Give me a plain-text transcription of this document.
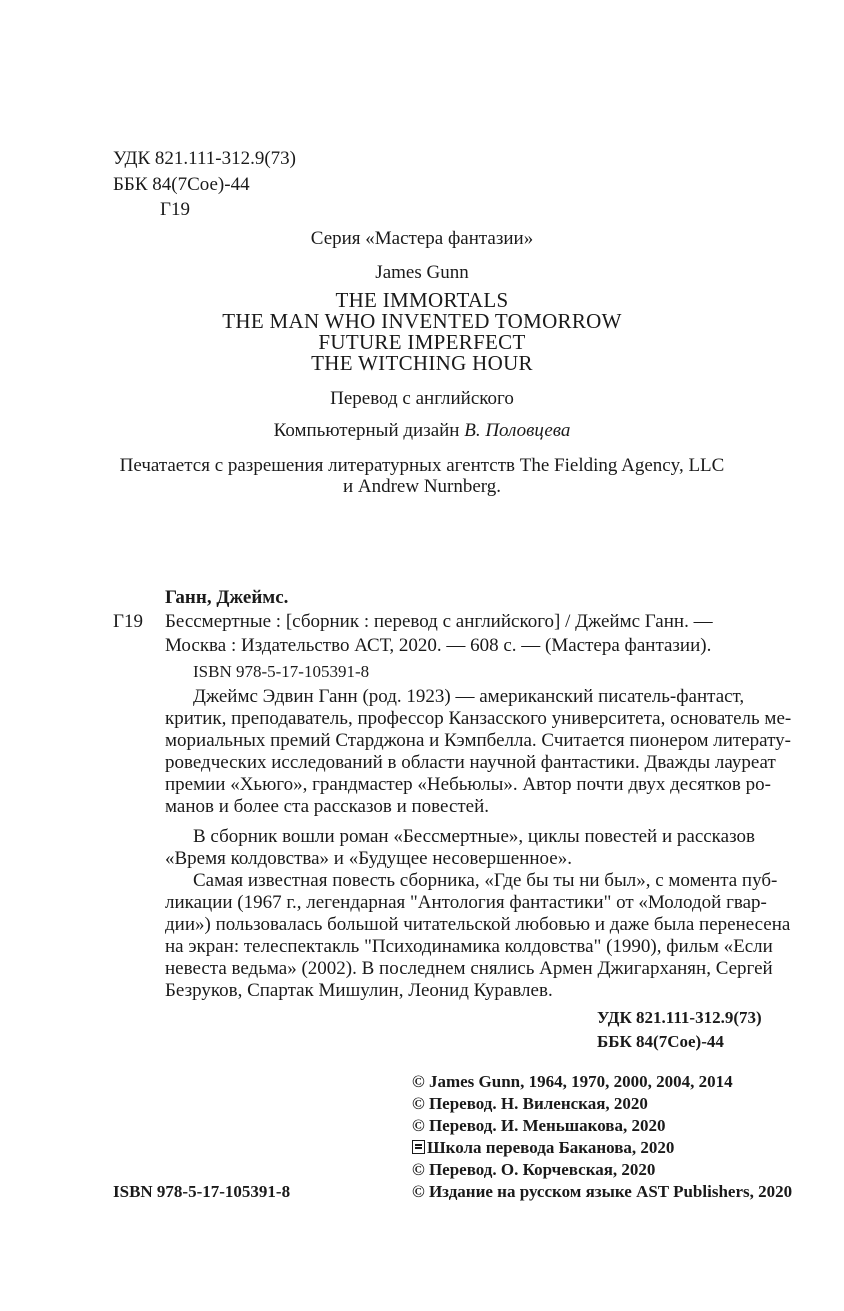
УДК 821.111-312.9(73)
ББК 84(7Сое)-44
Г19
Серия «Мастера фантазии»
James Gunn
THE IMMORTALS
THE MAN WHO INVENTED TOMORROW
FUTURE IMPERFECT
THE WITCHING HOUR
Перевод с английского
Компьютерный дизайн В. Половцева
Печатается с разрешения литературных агентств The Fielding Agency, LLC
и Andrew Nurnberg.
Ганн, Джеймс.
Г19 Бессмертные : [сборник : перевод с английского] / Джеймс Ганн. —
Москва : Издательство АСТ, 2020. — 608 с. — (Мастера фантазии).
ISBN 978-5-17-105391-8
Джеймс Эдвин Ганн (род. 1923) — американский писатель-фантаст,
критик, преподаватель, профессор Канзасского университета, основатель ме-
мориальных премий Старджона и Кэмпбелла. Считается пионером литерату-
роведческих исследований в области научной фантастики. Дважды лауреат
премии «Хьюго», грандмастер «Небьюлы». Автор почти двух десятков ро-
манов и более ста рассказов и повестей.
В сборник вошли роман «Бессмертные», циклы повестей и рассказов
«Время колдовства» и «Будущее несовершенное».
Самая известная повесть сборника, «Где бы ты ни был», с момента пуб-
ликации (1967 г., легендарная "Антология фантастики" от «Молодой гвар-
дии») пользовалась большой читательской любовью и даже была перенесена
на экран: телеспектакль "Психодинамика колдовства" (1990), фильм «Если
невеста ведьма» (2002). В последнем снялись Армен Джигарханян, Сергей
Безруков, Спартак Мишулин, Леонид Куравлев.
УДК 821.111-312.9(73)
ББК 84(7Сое)-44
© James Gunn, 1964, 1970, 2000, 2004, 2014
© Перевод. Н. Виленская, 2020
© Перевод. И. Меньшакова, 2020
Школа перевода Баканова, 2020
© Перевод. О. Корчевская, 2020
© Издание на русском языке AST Publishers, 2020
ISBN 978-5-17-105391-8
